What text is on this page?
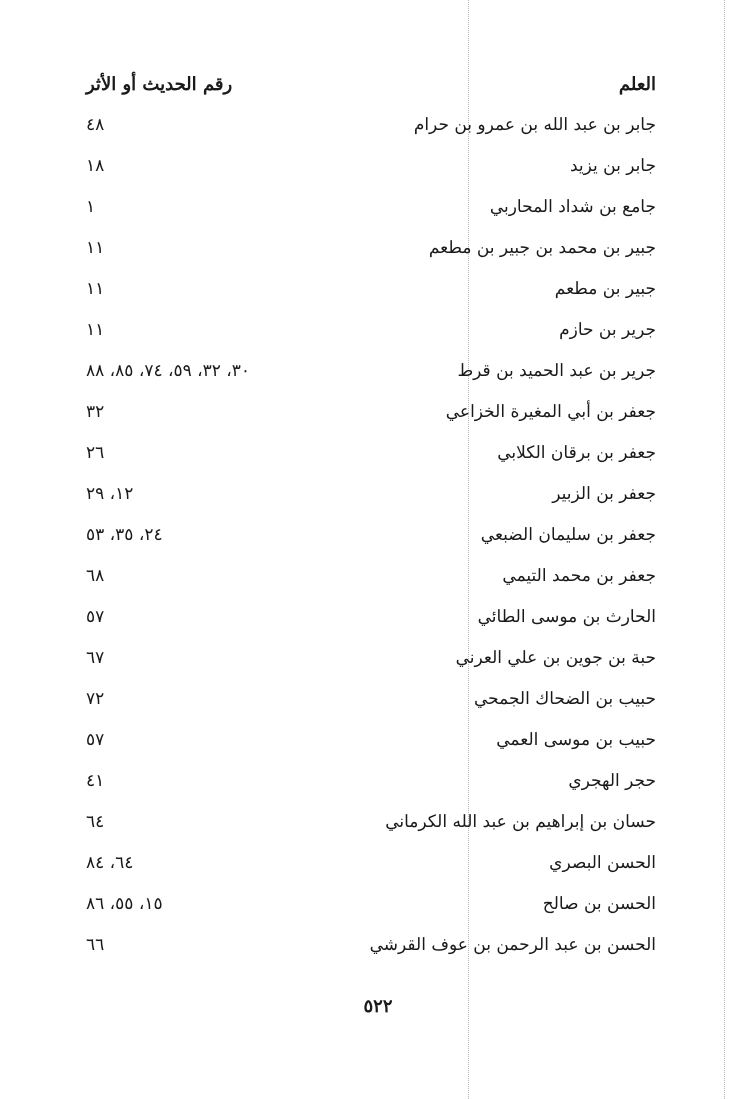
العلم
رقم الحديث أو الأثر
جابر بن عبد الله بن عمرو بن حرام
٤٨
جابر بن يزيد
١٨
جامع بن شداد المحاربي
١
جبير بن محمد بن جبير بن مطعم
١١
جبير بن مطعم
١١
جرير بن حازم
١١
جرير بن عبد الحميد بن قرط
٣٠، ٣٢، ٥٩، ٧٤، ٨٥، ٨٨
جعفر بن أبي المغيرة الخزاعي
٣٢
جعفر بن برقان الكلابي
٢٦
جعفر بن الزبير
١٢، ٢٩
جعفر بن سليمان الضبعي
٢٤، ٣٥، ٥٣
جعفر بن محمد التيمي
٦٨
الحارث بن موسى الطائي
٥٧
حبة بن جوين بن علي العرني
٦٧
حبيب بن الضحاك الجمحي
٧٢
حبيب بن موسى العمي
٥٧
حجر الهجري
٤١
حسان بن إبراهيم بن عبد الله الكرماني
٦٤
الحسن البصري
٦٤، ٨٤
الحسن بن صالح
١٥، ٥٥، ٨٦
الحسن بن عبد الرحمن بن عوف القرشي
٦٦
٥٢٢
